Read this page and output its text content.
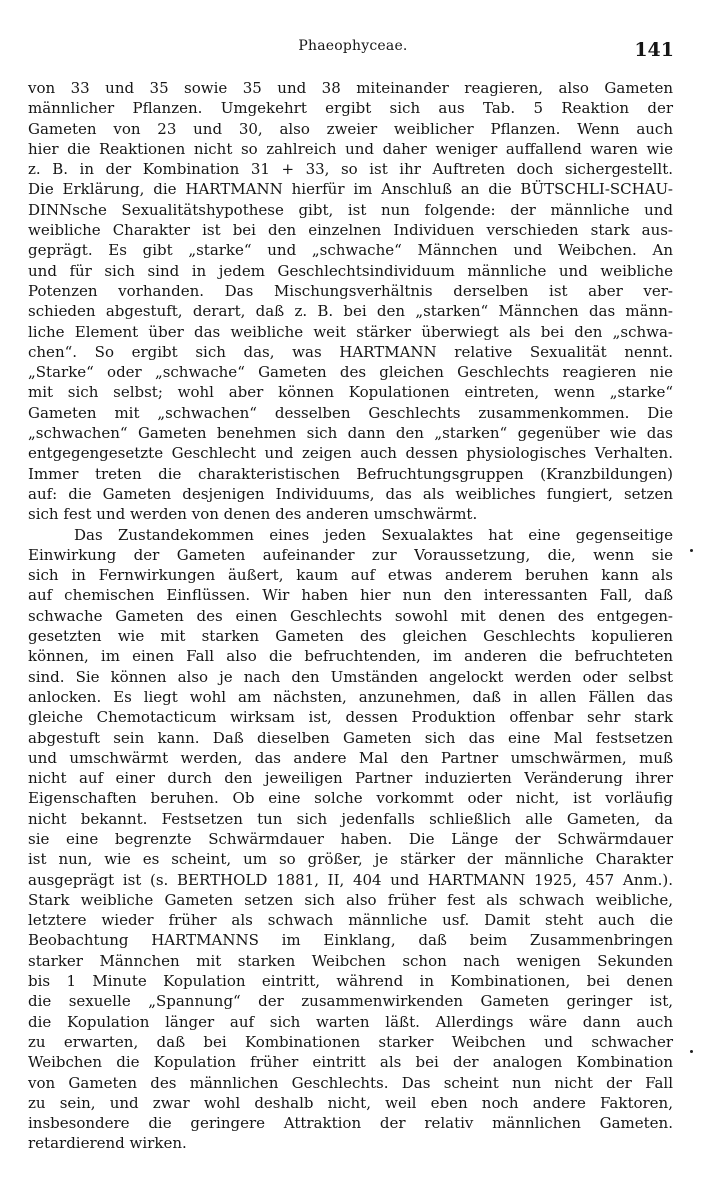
Phaeophyceae.	141
von 33 und 35 sowie 35 und 38 miteinander reagieren, also Gameten
männlicher Pflanzen. Umgekehrt ergibt sich aus Tab. 5 Reaktion der
Gameten von 23 und 30, also zweier weiblicher Pflanzen. Wenn auch
hier die Reaktionen nicht so zahlreich und daher weniger auffallend waren wie
z. B. in der Kombination 31 + 33, so ist ihr Auftreten doch sichergestellt.
Die Erklärung, die HARTMANN hierfür im Anschluß an die BÜTSCHLI-SCHAU-
DINNsche Sexualitätshypothese gibt, ist nun folgende: der männliche und
weibliche Charakter ist bei den einzelnen Individuen verschieden stark aus-
geprägt. Es gibt „starke“ und „schwache“ Männchen und Weibchen. An
und für sich sind in jedem Geschlechtsindividuum männliche und weibliche
Potenzen vorhanden. Das Mischungsverhältnis derselben ist aber ver-
schieden abgestuft, derart, daß z. B. bei den „starken“ Männchen das männ-
liche Element über das weibliche weit stärker überwiegt als bei den „schwa-
chen“. So ergibt sich das, was HARTMANN relative Sexualität nennt.
„Starke“ oder „schwache“ Gameten des gleichen Geschlechts reagieren nie
mit sich selbst; wohl aber können Kopulationen eintreten, wenn „starke“
Gameten mit „schwachen“ desselben Geschlechts zusammenkommen. Die
„schwachen“ Gameten benehmen sich dann den „starken“ gegenüber wie das
entgegengesetzte Geschlecht und zeigen auch dessen physiologisches Verhalten.
Immer treten die charakteristischen Befruchtungsgruppen (Kranzbildungen)
auf: die Gameten desjenigen Individuums, das als weibliches fungiert, setzen
sich fest und werden von denen des anderen umschwärmt.
Das Zustandekommen eines jeden Sexualaktes hat eine gegenseitige
Einwirkung der Gameten aufeinander zur Voraussetzung, die, wenn sie
sich in Fernwirkungen äußert, kaum auf etwas anderem beruhen kann als
auf chemischen Einflüssen. Wir haben hier nun den interessanten Fall, daß
schwache Gameten des einen Geschlechts sowohl mit denen des entgegen-
gesetzten wie mit starken Gameten des gleichen Geschlechts kopulieren
können, im einen Fall also die befruchtenden, im anderen die befruchteten
sind. Sie können also je nach den Umständen angelockt werden oder selbst
anlocken. Es liegt wohl am nächsten, anzunehmen, daß in allen Fällen das
gleiche Chemotacticum wirksam ist, dessen Produktion offenbar sehr stark
abgestuft sein kann. Daß dieselben Gameten sich das eine Mal festsetzen
und umschwärmt werden, das andere Mal den Partner umschwärmen, muß
nicht auf einer durch den jeweiligen Partner induzierten Veränderung ihrer
Eigenschaften beruhen. Ob eine solche vorkommt oder nicht, ist vorläufig
nicht bekannt. Festsetzen tun sich jedenfalls schließlich alle Gameten, da
sie eine begrenzte Schwärmdauer haben. Die Länge der Schwärmdauer
ist nun, wie es scheint, um so größer, je stärker der männliche Charakter
ausgeprägt ist (s. BERTHOLD 1881, II, 404 und HARTMANN 1925, 457 Anm.).
Stark weibliche Gameten setzen sich also früher fest als schwach weibliche,
letztere wieder früher als schwach männliche usf. Damit steht auch die
Beobachtung HARTMANNS im Einklang, daß beim Zusammenbringen
starker Männchen mit starken Weibchen schon nach wenigen Sekunden
bis 1 Minute Kopulation eintritt, während in Kombinationen, bei denen
die sexuelle „Spannung“ der zusammenwirkenden Gameten geringer ist,
die Kopulation länger auf sich warten läßt. Allerdings wäre dann auch
zu erwarten, daß bei Kombinationen starker Weibchen und schwacher
Weibchen die Kopulation früher eintritt als bei der analogen Kombination
von Gameten des männlichen Geschlechts. Das scheint nun nicht der Fall
zu sein, und zwar wohl deshalb nicht, weil eben noch andere Faktoren,
insbesondere die geringere Attraktion der relativ männlichen Gameten.
retardierend wirken.
